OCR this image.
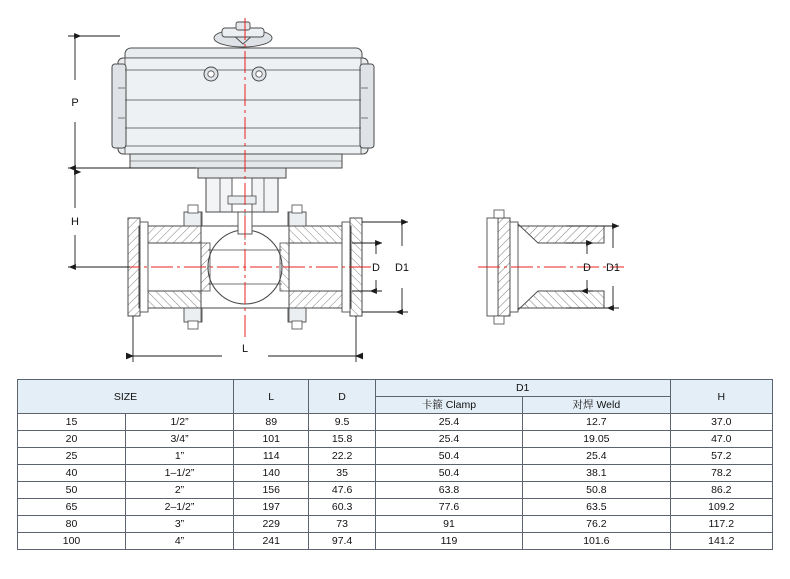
P
H
L
D D1	D D1
SIZE		L	D	D1		H
				卡箍 Clamp	对焊 Weld	
15	1/2”	89	9.5	25.4	12.7	37.0
20	3/4”	101	15.8	25.4	19.05	47.0
25	1”	114	22.2	50.4	25.4	57.2
40	1–1/2”	140	35	50.4	38.1	78.2
50	2”	156	47.6	63.8	50.8	86.2
65	2–1/2”	197	60.3	77.6	63.5	109.2
80	3”	229	73	91	76.2	117.2
100	4”	241	97.4	119	101.6	141.2
